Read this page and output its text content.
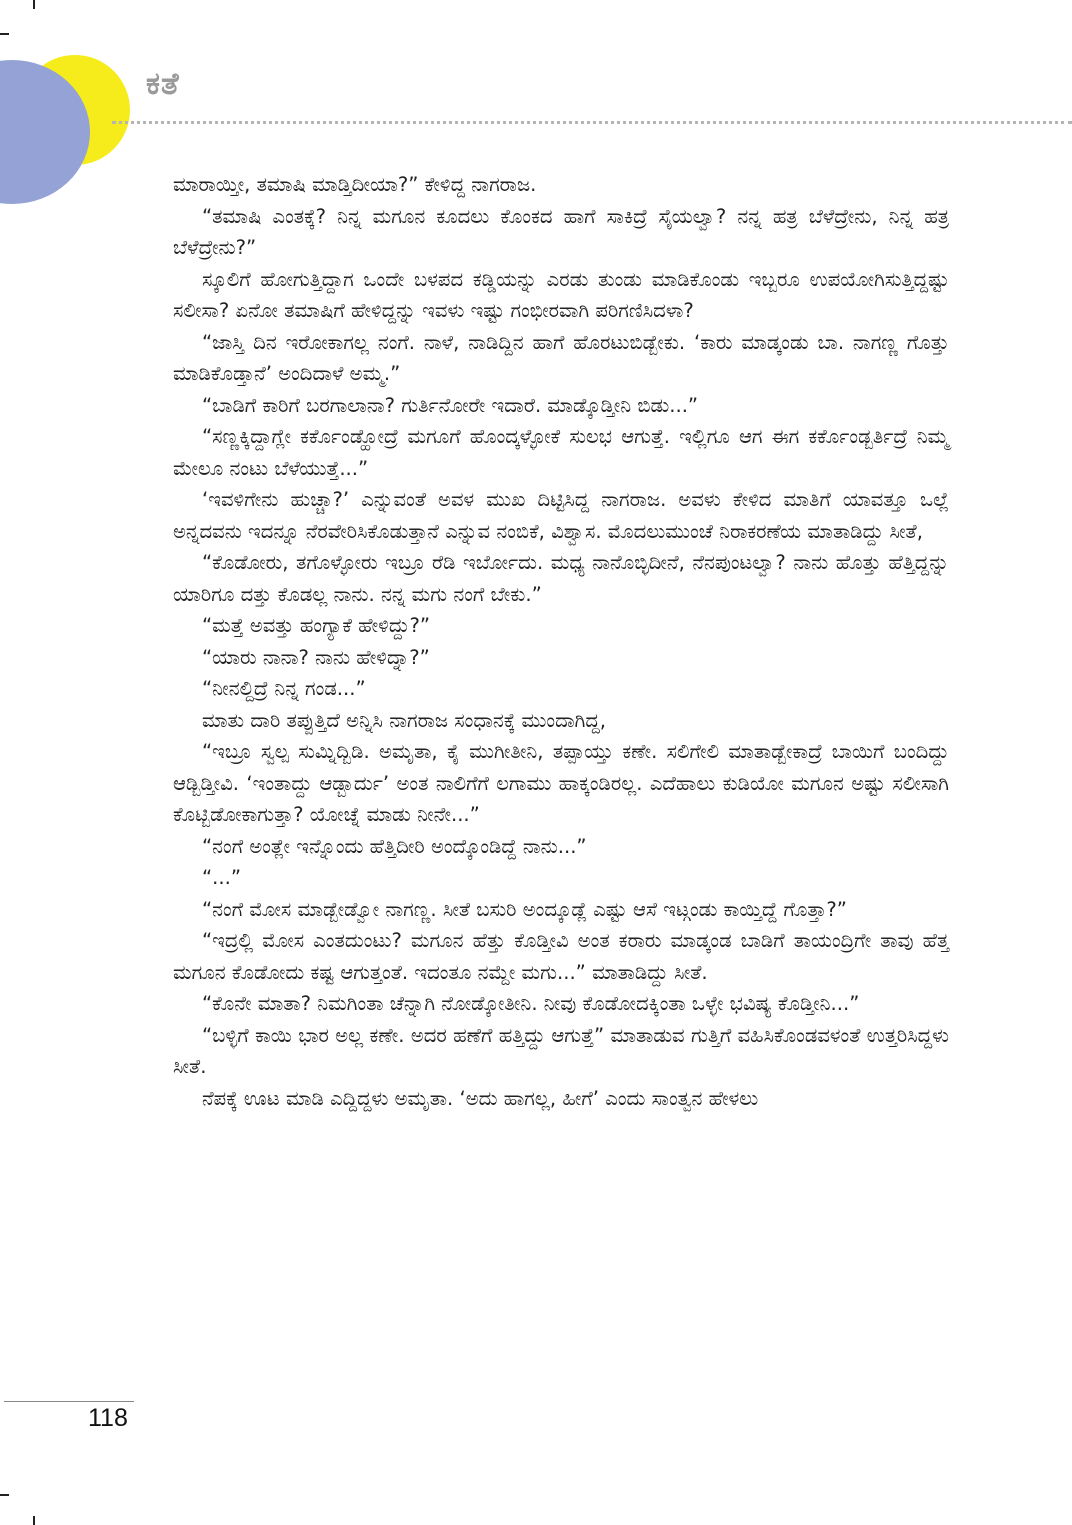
ಕತೆ

ಮಾರಾಯ್ತೀ, ತಮಾಷಿ ಮಾಡ್ತಿದೀಯಾ?” ಕೇಳಿದ್ದ ನಾಗರಾಜ.

“ತಮಾಷಿ ಎಂತಕ್ಕೆ? ನಿನ್ನ ಮಗೂನ ಕೂದಲು ಕೊಂಕದ ಹಾಗೆ ಸಾಕಿದ್ರೆ ಸೈಯಲ್ವಾ? ನನ್ನ ಹತ್ರ ಬೆಳೆದ್ರೇನು, ನಿನ್ನ ಹತ್ರ ಬೆಳೆದ್ರೇನು?”

ಸ್ಕೂಲಿಗೆ ಹೋಗುತ್ತಿದ್ದಾಗ ಒಂದೇ ಬಳಪದ ಕಡ್ಡಿಯನ್ನು ಎರಡು ತುಂಡು ಮಾಡಿಕೊಂಡು ಇಬ್ಬರೂ ಉಪಯೋಗಿಸುತ್ತಿದ್ದಷ್ಟು ಸಲೀಸಾ? ಏನೋ ತಮಾಷಿಗೆ ಹೇಳಿದ್ದನ್ನು ಇವಳು ಇಷ್ಟು ಗಂಭೀರವಾಗಿ ಪರಿಗಣಿಸಿದಳಾ?

“ಜಾಸ್ತಿ ದಿನ ಇರೋಕಾಗಲ್ಲ ನಂಗೆ. ನಾಳೆ, ನಾಡಿದ್ದಿನ ಹಾಗೆ ಹೊರಟುಬಿಡ್ಬೇಕು. ‘ಕಾರು ಮಾಡ್ಕಂಡು ಬಾ. ನಾಗಣ್ಣ ಗೊತ್ತು ಮಾಡಿಕೊಡ್ತಾನೆ’ ಅಂದಿದಾಳೆ ಅಮ್ಮ.”

“ಬಾಡಿಗೆ ಕಾರಿಗೆ ಬರಗಾಲಾನಾ? ಗುರ್ತಿನೋರೇ ಇದಾರೆ. ಮಾಡ್ಕೊಡ್ತೀನಿ ಬಿಡು...”

“ಸಣ್ಣಕ್ಕಿದ್ದಾಗ್ಲೇ ಕರ್ಕೊಂಡ್ಹೋದ್ರೆ ಮಗೂಗೆ ಹೊಂದ್ಕಳ್ಳೋಕೆ ಸುಲಭ ಆಗುತ್ತೆ. ಇಲ್ಲಿಗೂ ಆಗ ಈಗ ಕರ್ಕೊಂಡ್ಬರ್ತಿದ್ರೆ ನಿಮ್ಮ ಮೇಲೂ ನಂಟು ಬೆಳೆಯುತ್ತೆ...”

‘ಇವಳಿಗೇನು ಹುಚ್ಚಾ?’ ಎನ್ನುವಂತೆ ಅವಳ ಮುಖ ದಿಟ್ಟಿಸಿದ್ದ ನಾಗರಾಜ. ಅವಳು ಕೇಳಿದ ಮಾತಿಗೆ ಯಾವತ್ತೂ ಒಲ್ಲೆ ಅನ್ನದವನು ಇದನ್ನೂ ನೆರವೇರಿಸಿಕೊಡುತ್ತಾನೆ ಎನ್ನುವ ನಂಬಿಕೆ, ವಿಶ್ವಾಸ. ಮೊದಲುಮುಂಚೆ ನಿರಾಕರಣೆಯ ಮಾತಾಡಿದ್ದು ಸೀತೆ,

“ಕೊಡೋರು, ತಗೊಳ್ಳೋರು ಇಬ್ರೂ ರೆಡಿ ಇರ್ಬೋದು. ಮಧ್ಯ ನಾನೊಬ್ಳಿದೀನೆ, ನೆನಪುಂಟಲ್ವಾ? ನಾನು ಹೊತ್ತು ಹೆತ್ತಿದ್ದನ್ನು ಯಾರಿಗೂ ದತ್ತು ಕೊಡಲ್ಲ ನಾನು. ನನ್ನ ಮಗು ನಂಗೆ ಬೇಕು.”

“ಮತ್ತೆ ಅವತ್ತು ಹಂಗ್ಯಾಕೆ ಹೇಳಿದ್ದು?”

“ಯಾರು ನಾನಾ? ನಾನು ಹೇಳಿದ್ನಾ?”

“ನೀನಲ್ದಿದ್ರೆ ನಿನ್ನ ಗಂಡ...”

ಮಾತು ದಾರಿ ತಪ್ಪುತ್ತಿದೆ ಅನ್ನಿಸಿ ನಾಗರಾಜ ಸಂಧಾನಕ್ಕೆ ಮುಂದಾಗಿದ್ದ,

“ಇಬ್ರೂ ಸ್ವಲ್ಪ ಸುಮ್ನಿದ್ಬಿಡಿ. ಅಮೃತಾ, ಕೈ ಮುಗೀತೀನಿ, ತಪ್ಪಾಯ್ತು ಕಣೇ. ಸಲಿಗೇಲಿ ಮಾತಾಡ್ಬೇಕಾದ್ರೆ ಬಾಯಿಗೆ ಬಂದಿದ್ದು ಆಡ್ಬಿಡ್ತೀವಿ. ‘ಇಂತಾದ್ದು ಆಡ್ಬಾರ್ದು’ ಅಂತ ನಾಲಿಗೆಗೆ ಲಗಾಮು ಹಾಕ್ಕಂಡಿರಲ್ಲ. ಎದೆಹಾಲು ಕುಡಿಯೋ ಮಗೂನ ಅಷ್ಟು ಸಲೀಸಾಗಿ ಕೊಟ್ಬಿಡೋಕಾಗುತ್ತಾ? ಯೋಚ್ನೆ ಮಾಡು ನೀನೇ...”

“ನಂಗೆ ಅಂತ್ಲೇ ಇನ್ನೊಂದು ಹೆತ್ತಿದೀರಿ ಅಂದ್ಕೊಂಡಿದ್ದೆ ನಾನು...”

“...”

“ನಂಗೆ ಮೋಸ ಮಾಡ್ಬೇಡ್ವೋ ನಾಗಣ್ಣ. ಸೀತೆ ಬಸುರಿ ಅಂದ್ಕೂಡ್ಲೆ ಎಷ್ಟು ಆಸೆ ಇಟ್ಗಂಡು ಕಾಯ್ತಿದ್ದೆ ಗೊತ್ತಾ?”

“ಇದ್ರಲ್ಲಿ ಮೋಸ ಎಂತದುಂಟು? ಮಗೂನ ಹೆತ್ತು ಕೊಡ್ತೀವಿ ಅಂತ ಕರಾರು ಮಾಡ್ಕಂಡ ಬಾಡಿಗೆ ತಾಯಂದ್ರಿಗೇ ತಾವು ಹೆತ್ತ ಮಗೂನ ಕೊಡೋದು ಕಷ್ಟ ಆಗುತ್ತಂತೆ. ಇದಂತೂ ನಮ್ದೇ ಮಗು...” ಮಾತಾಡಿದ್ದು ಸೀತೆ.

“ಕೊನೇ ಮಾತಾ? ನಿಮಗಿಂತಾ ಚೆನ್ನಾಗಿ ನೋಡ್ಕೋತೀನಿ. ನೀವು ಕೊಡೋದಕ್ಕಿಂತಾ ಒಳ್ಳೇ ಭವಿಷ್ಯ ಕೊಡ್ತೀನಿ...”

“ಬಳ್ಳಿಗೆ ಕಾಯಿ ಭಾರ ಅಲ್ಲ ಕಣೇ. ಅದರ ಹಣೆಗೆ ಹತ್ತಿದ್ದು ಆಗುತ್ತೆ” ಮಾತಾಡುವ ಗುತ್ತಿಗೆ ವಹಿಸಿಕೊಂಡವಳಂತೆ ಉತ್ತರಿಸಿದ್ದಳು ಸೀತೆ.

ನೆಪಕ್ಕೆ ಊಟ ಮಾಡಿ ಎದ್ದಿದ್ದಳು ಅಮೃತಾ. ‘ಅದು ಹಾಗಲ್ಲ, ಹೀಗೆ’ ಎಂದು ಸಾಂತ್ವನ ಹೇಳಲು

118
